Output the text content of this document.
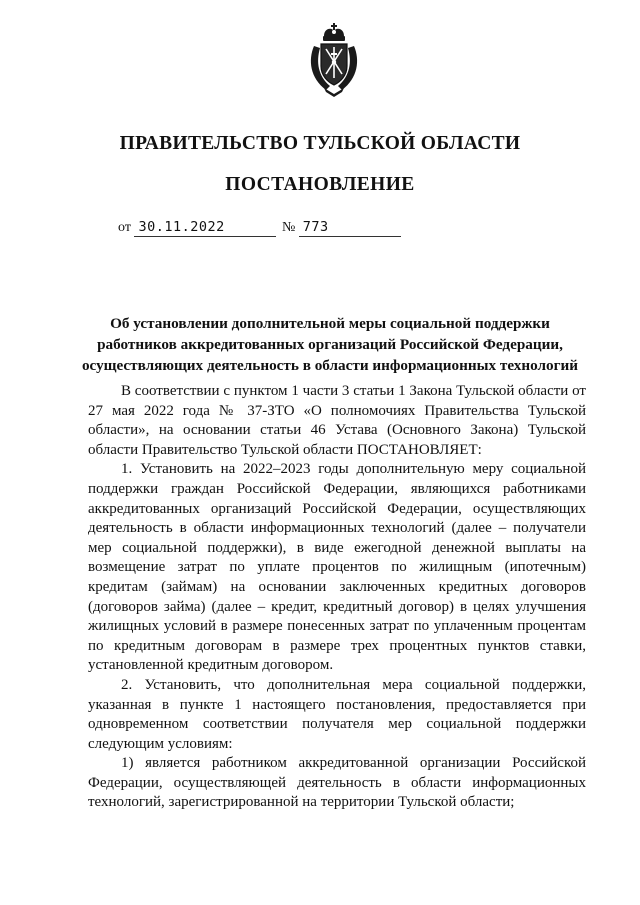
ПРАВИТЕЛЬСТВО ТУЛЬСКОЙ ОБЛАСТИ
ПОСТАНОВЛЕНИЕ
от 30.11.2022	№ 773
Об установлении дополнительной меры социальной поддержки
работников аккредитованных организаций Российской Федерации,
осуществляющих деятельность в области информационных технологий

В соответствии с пунктом 1 части 3 статьи 1 Закона Тульской области от 27 мая 2022 года № 37-ЗТО «О полномочиях Правительства Тульской области», на основании статьи 46 Устава (Основного Закона) Тульской области Правительство Тульской области ПОСТАНОВЛЯЕТ:

1. Установить на 2022–2023 годы дополнительную меру социальной поддержки граждан Российской Федерации, являющихся работниками аккредитованных организаций Российской Федерации, осуществляющих деятельность в области информационных технологий (далее – получатели мер социальной поддержки), в виде ежегодной денежной выплаты на возмещение затрат по уплате процентов по жилищным (ипотечным) кредитам (займам) на основании заключенных кредитных договоров (договоров займа) (далее – кредит, кредитный договор) в целях улучшения жилищных условий в размере понесенных затрат по уплаченным процентам по кредитным договорам в размере трех процентных пунктов ставки, установленной кредитным договором.

2. Установить, что дополнительная мера социальной поддержки, указанная в пункте 1 настоящего постановления, предоставляется при одновременном соответствии получателя мер социальной поддержки следующим условиям:

1) является работником аккредитованной организации Российской Федерации, осуществляющей деятельность в области информационных технологий, зарегистрированной на территории Тульской области;
